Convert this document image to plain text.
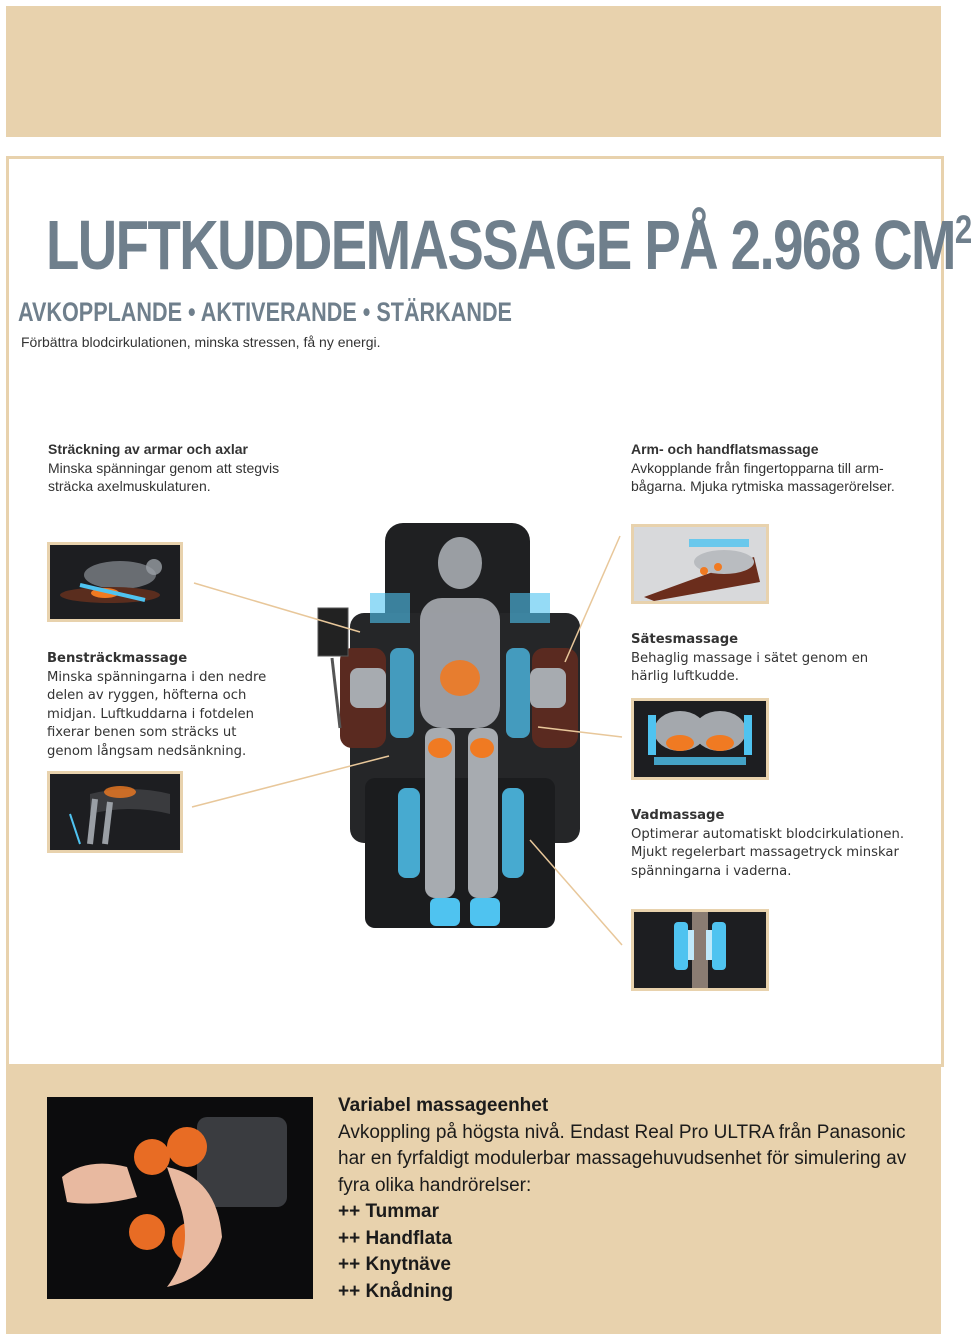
LUFTKUDDEMASSAGE PÅ 2.968 $CM^2$
AVKOPPLANDE • AKTIVERANDE • STÄRKANDE
Förbättra blodcirkulationen, minska stressen, få ny energi.
Sträckning av armar och axlar
Minska spänningar genom att stegvis
sträcka axelmuskulaturen.
Arm- och handflatsmassage
Avkopplande från fingertopparna till arm-
bågarna. Mjuka rytmiska massagerörelser.
Bensträckmassage
Minska spänningarna i den nedre
delen av ryggen, höfterna och
midjan. Luftkuddarna i fotdelen
fixerar benen som sträcks ut
genom långsam nedsänkning.
Sätesmassage
Behaglig massage i sätet genom en
härlig luftkudde.
Vadmassage
Optimerar automatiskt blodcirkulationen.
Mjukt regelerbart massagetryck minskar
spänningarna i vaderna.
Variabel massageenhet
Avkoppling på högsta nivå. Endast Real Pro ULTRA från Panasonic
har en fyrfaldigt modulerbar massagehuvudsenhet för simulering av
fyra olika handrörelser:
++ Tummar
++ Handflata
++ Knytnäve
++ Knådning
